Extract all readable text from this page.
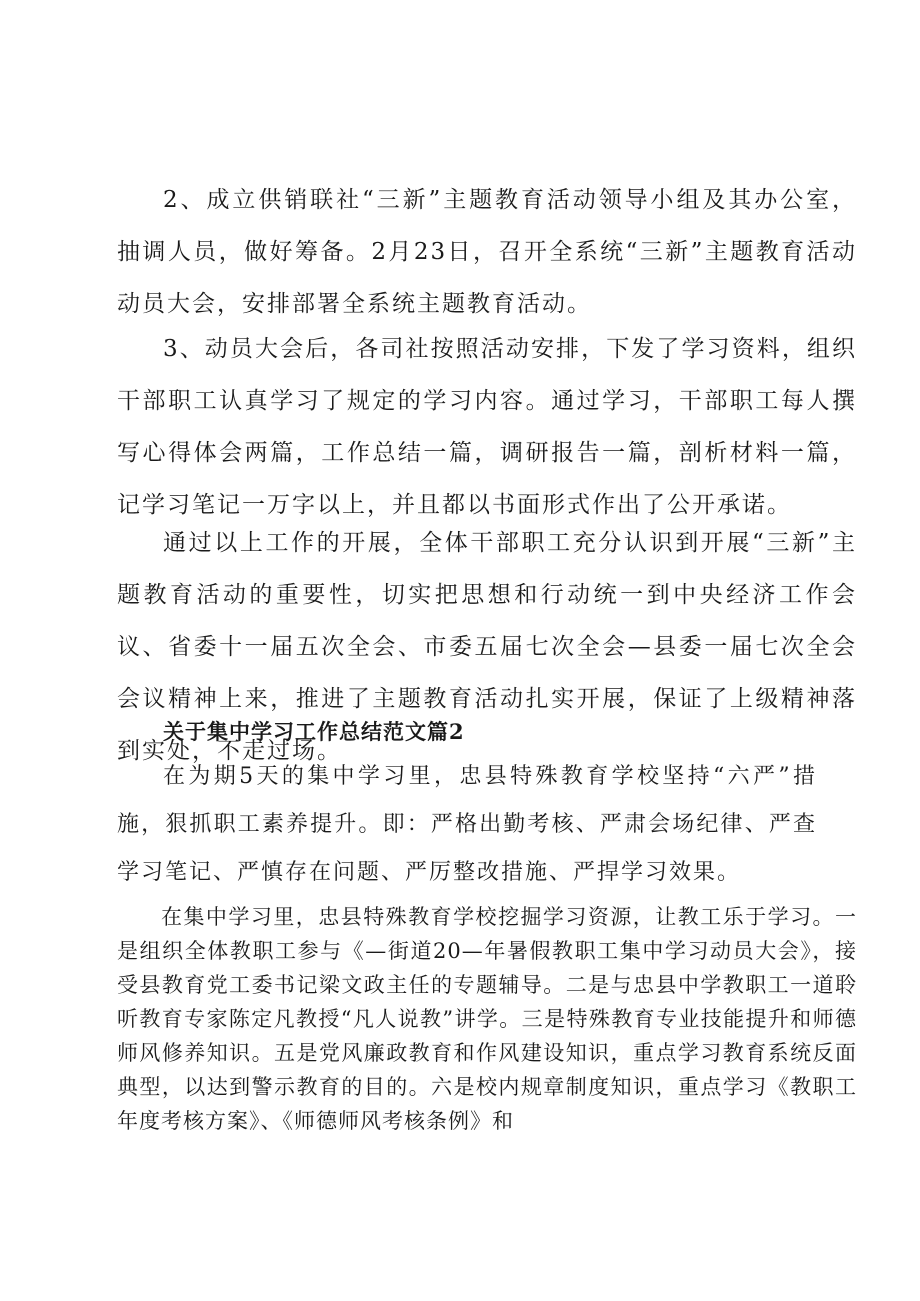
2、成立供销联社“三新”主题教育活动领导小组及其办公室，抽调人员，做好筹备。2月23日，召开全系统“三新”主题教育活动动员大会，安排部署全系统主题教育活动。

3、动员大会后，各司社按照活动安排，下发了学习资料，组织干部职工认真学习了规定的学习内容。通过学习，干部职工每人撰写心得体会两篇，工作总结一篇，调研报告一篇，剖析材料一篇，记学习笔记一万字以上，并且都以书面形式作出了公开承诺。

通过以上工作的开展，全体干部职工充分认识到开展“三新”主题教育活动的重要性，切实把思想和行动统一到中央经济工作会议、省委十一届五次全会、市委五届七次全会—县委一届七次全会会议精神上来，推进了主题教育活动扎实开展，保证了上级精神落到实处，不走过场。

关于集中学习工作总结范文篇2

在为期5天的集中学习里，忠县特殊教育学校坚持“六严”措施，狠抓职工素养提升。即：严格出勤考核、严肃会场纪律、严查学习笔记、严慎存在问题、严厉整改措施、严捍学习效果。

在集中学习里，忠县特殊教育学校挖掘学习资源，让教工乐于学习。一是组织全体教职工参与《—街道20—年暑假教职工集中学习动员大会》，接受县教育党工委书记梁文政主任的专题辅导。二是与忠县中学教职工一道聆听教育专家陈定凡教授“凡人说教”讲学。三是特殊教育专业技能提升和师德师风修养知识。五是党风廉政教育和作风建设知识，重点学习教育系统反面典型，以达到警示教育的目的。六是校内规章制度知识，重点学习《教职工年度考核方案》、《师德师风考核条例》和
